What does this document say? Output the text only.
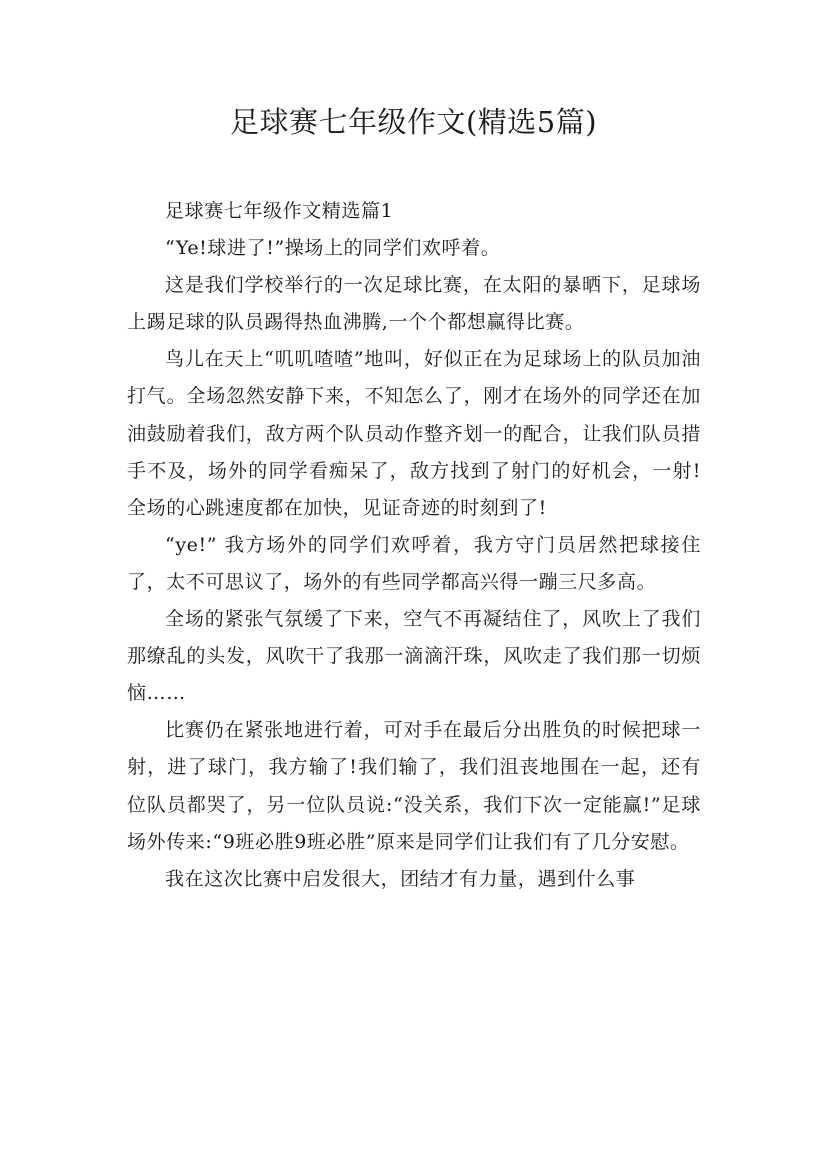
足球赛七年级作文(精选5篇)

足球赛七年级作文精选篇1

“Ye!球进了!”操场上的同学们欢呼着。

这是我们学校举行的一次足球比赛，在太阳的暴晒下，足球场上踢足球的队员踢得热血沸腾,一个个都想赢得比赛。

鸟儿在天上“叽叽喳喳”地叫，好似正在为足球场上的队员加油打气。全场忽然安静下来，不知怎么了，刚才在场外的同学还在加油鼓励着我们，敌方两个队员动作整齐划一的配合，让我们队员措手不及，场外的同学看痴呆了，敌方找到了射门的好机会，一射!全场的心跳速度都在加快，见证奇迹的时刻到了!

“ye!” 我方场外的同学们欢呼着，我方守门员居然把球接住了，太不可思议了，场外的有些同学都高兴得一蹦三尺多高。

全场的紧张气氛缓了下来，空气不再凝结住了，风吹上了我们那缭乱的头发，风吹干了我那一滴滴汗珠，风吹走了我们那一切烦恼……

比赛仍在紧张地进行着，可对手在最后分出胜负的时候把球一射，进了球门，我方输了!我们输了，我们沮丧地围在一起，还有位队员都哭了，另一位队员说:“没关系，我们下次一定能赢!”足球场外传来:“9班必胜9班必胜”原来是同学们让我们有了几分安慰。

我在这次比赛中启发很大，团结才有力量，遇到什么事
